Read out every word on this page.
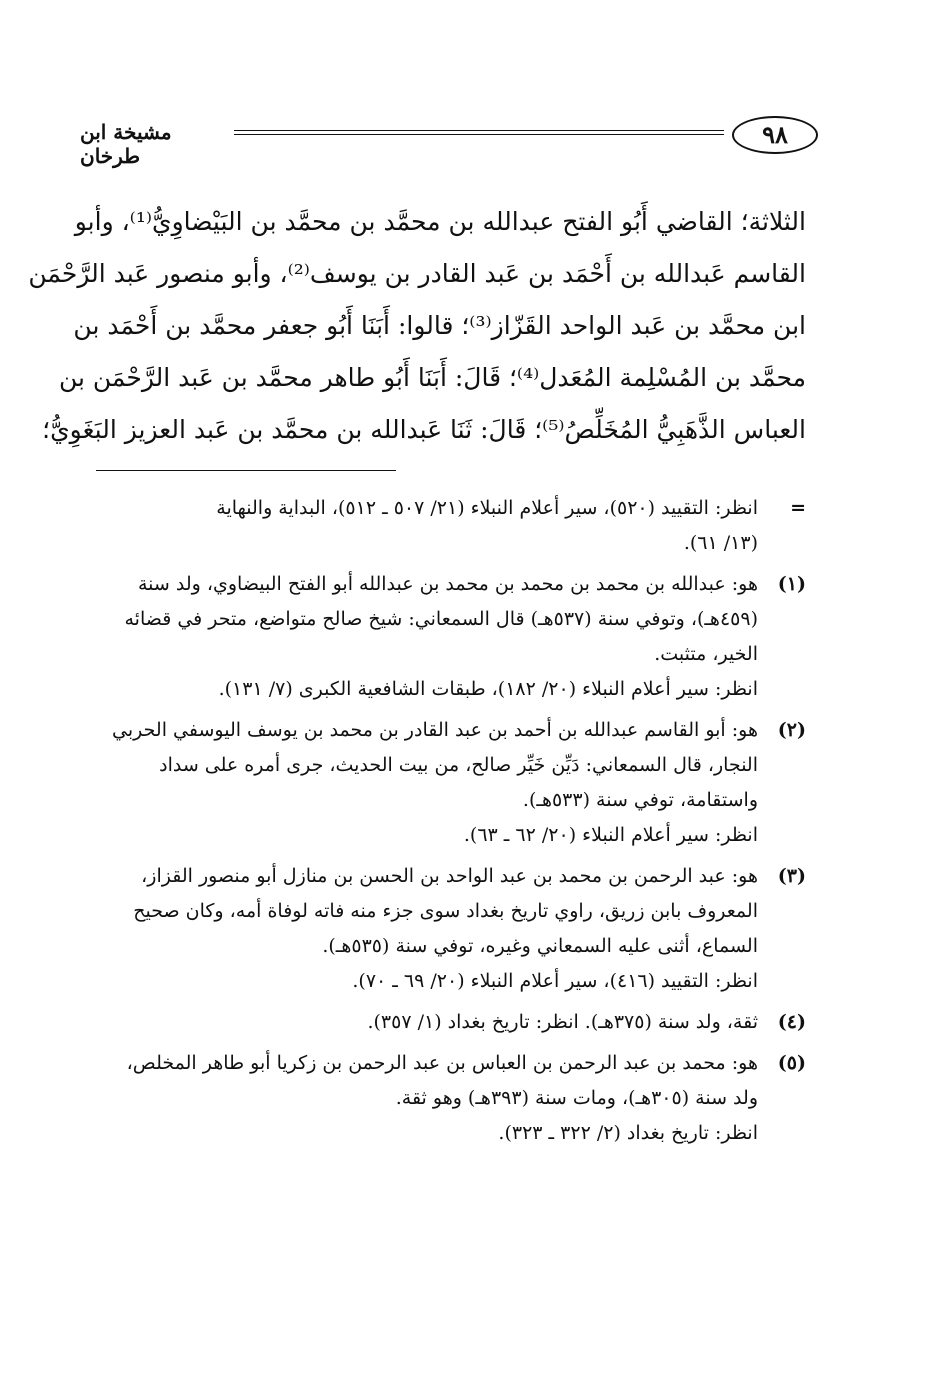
٩٨
مشيخة ابن طرخان
الثلاثة؛ القاضي أَبُو الفتح عبدالله بن محمَّد بن محمَّد بن البَيْضاوِيُّ⁽¹⁾، وأبو
القاسم عَبدالله بن أَحْمَد بن عَبد القادر بن يوسف⁽²⁾، وأبو منصور عَبد الرَّحْمَن
ابن محمَّد بن عَبد الواحد القَزّاز⁽³⁾؛ قالوا: أَبَنَا أَبُو جعفر محمَّد بن أَحْمَد بن
محمَّد بن المُسْلِمة المُعَدل⁽⁴⁾؛ قَالَ: أَبَنَا أَبُو طاهر محمَّد بن عَبد الرَّحْمَن بن
العباس الذَّهَبِيُّ المُخَلِّصُ⁽⁵⁾؛ قَالَ: ثَنَا عَبدالله بن محمَّد بن عَبد العزيز البَغَوِيُّ؛
=
انظر: التقييد (٥٢٠)، سير أعلام النبلاء (٢١/ ٥٠٧ ـ ٥١٢)، البداية والنهاية
(١٣/ ٦١).
(١)
هو: عبدالله بن محمد بن محمد بن محمد بن عبدالله أبو الفتح البيضاوي، ولد سنة
(٤٥٩هـ)، وتوفي سنة (٥٣٧هـ) قال السمعاني: شيخ صالح متواضع، متحر في قضائه
الخير، متثبت.
انظر: سير أعلام النبلاء (٢٠/ ١٨٢)، طبقات الشافعية الكبرى (٧/ ١٣١).
(٢)
هو: أبو القاسم عبدالله بن أحمد بن عبد القادر بن محمد بن يوسف اليوسفي الحربي
النجار، قال السمعاني: دَيِّن خَيِّر صالح، من بيت الحديث، جرى أمره على سداد
واستقامة، توفي سنة (٥٣٣هـ).
انظر: سير أعلام النبلاء (٢٠/ ٦٢ ـ ٦٣).
(٣)
هو: عبد الرحمن بن محمد بن عبد الواحد بن الحسن بن منازل أبو منصور القزاز،
المعروف بابن زريق، راوي تاريخ بغداد سوى جزء منه فاته لوفاة أمه، وكان صحيح
السماع، أثنى عليه السمعاني وغيره، توفي سنة (٥٣٥هـ).
انظر: التقييد (٤١٦)، سير أعلام النبلاء (٢٠/ ٦٩ ـ ٧٠).
(٤)
ثقة، ولد سنة (٣٧٥هـ). انظر: تاريخ بغداد (١/ ٣٥٧).
(٥)
هو: محمد بن عبد الرحمن بن العباس بن عبد الرحمن بن زكريا أبو طاهر المخلص،
ولد سنة (٣٠٥هـ)، ومات سنة (٣٩٣هـ) وهو ثقة.
انظر: تاريخ بغداد (٢/ ٣٢٢ ـ ٣٢٣).
